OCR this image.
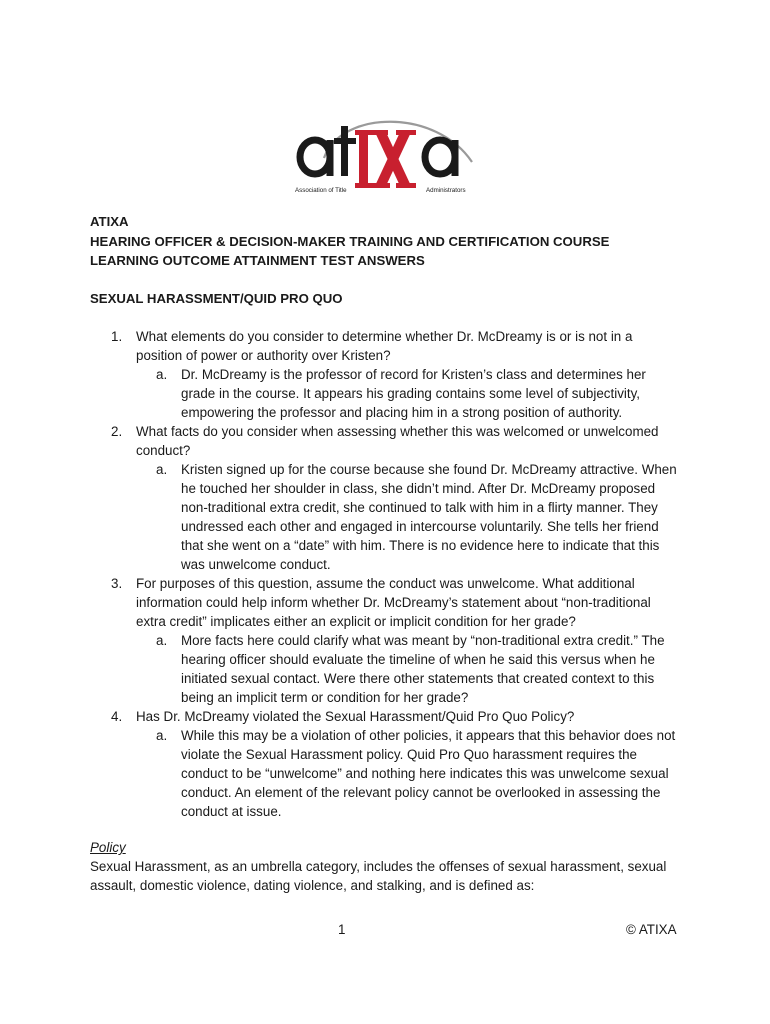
Association of Title	Administrators
ATIXA
HEARING OFFICER & DECISION-MAKER TRAINING AND CERTIFICATION COURSE
LEARNING OUTCOME ATTAINMENT TEST ANSWERS
SEXUAL HARASSMENT/QUID PRO QUO
1. What elements do you consider to determine whether Dr. McDreamy is or is not in a position of power or authority over Kristen?
a. Dr. McDreamy is the professor of record for Kristen’s class and determines her grade in the course. It appears his grading contains some level of subjectivity, empowering the professor and placing him in a strong position of authority.
2. What facts do you consider when assessing whether this was welcomed or unwelcomed conduct?
a. Kristen signed up for the course because she found Dr. McDreamy attractive. When he touched her shoulder in class, she didn’t mind. After Dr. McDreamy proposed non-traditional extra credit, she continued to talk with him in a flirty manner. They undressed each other and engaged in intercourse voluntarily. She tells her friend that she went on a “date” with him. There is no evidence here to indicate that this was unwelcome conduct.
3. For purposes of this question, assume the conduct was unwelcome. What additional information could help inform whether Dr. McDreamy’s statement about “non-traditional extra credit” implicates either an explicit or implicit condition for her grade?
a. More facts here could clarify what was meant by “non-traditional extra credit.” The hearing officer should evaluate the timeline of when he said this versus when he initiated sexual contact. Were there other statements that created context to this being an implicit term or condition for her grade?
4. Has Dr. McDreamy violated the Sexual Harassment/Quid Pro Quo Policy?
a. While this may be a violation of other policies, it appears that this behavior does not violate the Sexual Harassment policy. Quid Pro Quo harassment requires the conduct to be “unwelcome” and nothing here indicates this was unwelcome sexual conduct. An element of the relevant policy cannot be overlooked in assessing the conduct at issue.
Policy
Sexual Harassment, as an umbrella category, includes the offenses of sexual harassment, sexual assault, domestic violence, dating violence, and stalking, and is defined as:
1	© ATIXA
